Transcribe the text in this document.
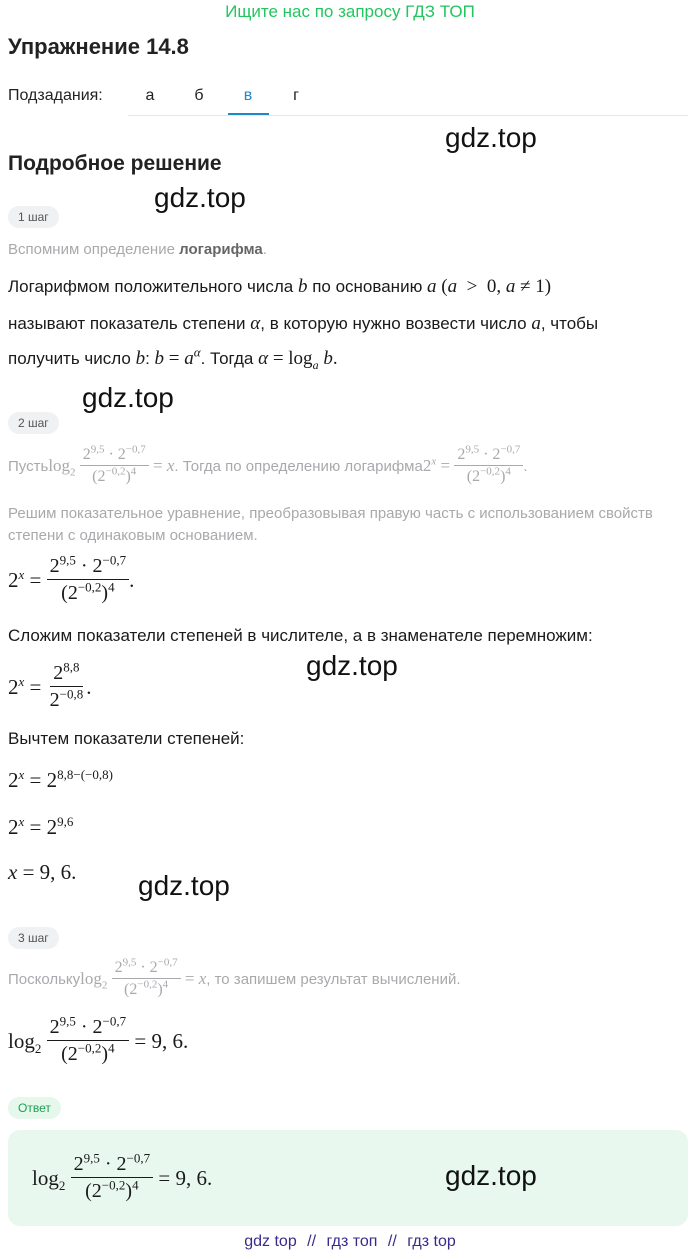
Ищите нас по запросу ГДЗ ТОП
Упражнение 14.8
Подзадания:	а	б	в	г
gdz.top
Подробное решение
gdz.top
1 шаг
Вспомним определение логарифма.
Логарифмом положительного числа b по основанию a (a  >  0, a ≠ 1)
называют показатель степени α, в которую нужно возвести число a, чтобы
получить число b: $b = a^\alpha$. Тогда $\alpha = \log_a b$.
gdz.top
2 шаг
Пусть $\log_2$
$\frac{2^{9,5} \cdot 2^{-0,7}}{(2^{-0,2})^4} = x$ . Тогда по определению логарифма $2^x = \frac{2^{9,5} \cdot 2^{-0,7}}{(2^{-0,2})^4}$ .
Решим показательное уравнение, преобразовывая правую часть с использованием свойств степени с одинаковым основанием.
$2^x = \frac{2^{9,5} \cdot 2^{-0,7}}{(2^{-0,2})^4}$ .
Сложим показатели степеней в числителе, а в знаменателе перемножим:
gdz.top
$2^x = \frac{2^{8,8}}{2^{-0,8}}$ .
Вычтем показатели степеней:
$2^x = 2^{8,8-(-0,8)}$
$2^x = 2^{9,6}$
x = 9, 6. gdz.top
3 шаг
Поскольку $\log_2$
$\frac{2^{9,5} \cdot 2^{-0,7}}{(2^{-0,2})^4} = x$ , то запишем результат вычислений.
$\log_2 \frac{2^{9,5} \cdot 2^{-0,7}}{(2^{-0,2})^4} = 9$, 6.
Ответ
$\log_2 \frac{2^{9,5} \cdot 2^{-0,7}}{(2^{-0,2})^4} = 9$, 6.	gdz.top
gdz top // гдз топ // гдз top
